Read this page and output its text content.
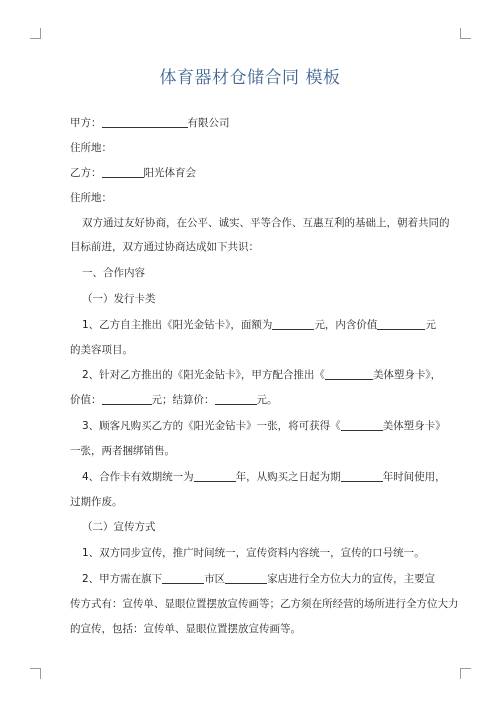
体育器材仓储合同 模板
甲方：	有限公司
住所地：
乙方：	阳光体育会
住所地：
双方通过友好协商，在公平、诚实、平等合作、互惠互利的基础上，朝着共同的
目标前进，双方通过协商达成如下共识：
一、合作内容
（一）发行卡类
1、乙方自主推出《阳光金钻卡》，面额为	元，内含价值	元
的美容项目。
2、针对乙方推出的《阳光金钻卡》，甲方配合推出《	美体塑身卡》，
价值：	元；结算价：	元。
3、顾客凡购买乙方的《阳光金钻卡》一张，将可获得《	美体塑身卡》
一张，两者捆绑销售。
4、合作卡有效期统一为	年，从购买之日起为期	年时间使用，
过期作废。
（二）宣传方式
1、双方同步宣传，推广时间统一，宣传资料内容统一，宣传的口号统一。
2、甲方需在旗下	市区	家店进行全方位大力的宣传，主要宣
传方式有：宣传单、显眼位置摆放宣传画等；乙方须在所经营的场所进行全方位大力
的宣传，包括：宣传单、显眼位置摆放宣传画等。
